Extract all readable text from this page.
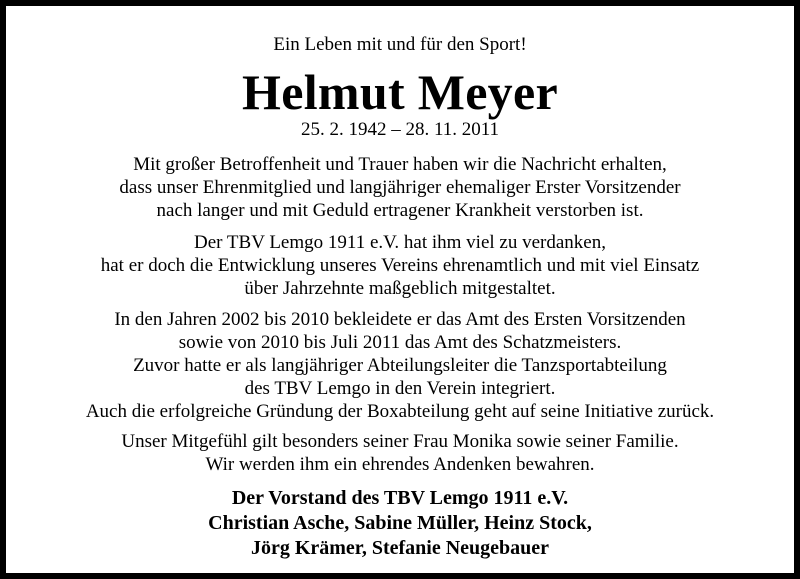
Ein Leben mit und für den Sport!
Helmut Meyer
25. 2. 1942 – 28. 11. 2011
Mit großer Betroffenheit und Trauer haben wir die Nachricht erhalten,
dass unser Ehrenmitglied und langjähriger ehemaliger Erster Vorsitzender
nach langer und mit Geduld ertragener Krankheit verstorben ist.
Der TBV Lemgo 1911 e.V. hat ihm viel zu verdanken,
hat er doch die Entwicklung unseres Vereins ehrenamtlich und mit viel Einsatz
über Jahrzehnte maßgeblich mitgestaltet.
In den Jahren 2002 bis 2010 bekleidete er das Amt des Ersten Vorsitzenden
sowie von 2010 bis Juli 2011 das Amt des Schatzmeisters.
Zuvor hatte er als langjähriger Abteilungsleiter die Tanzsportabteilung
des TBV Lemgo in den Verein integriert.
Auch die erfolgreiche Gründung der Boxabteilung geht auf seine Initiative zurück.
Unser Mitgefühl gilt besonders seiner Frau Monika sowie seiner Familie.
Wir werden ihm ein ehrendes Andenken bewahren.
Der Vorstand des TBV Lemgo 1911 e.V.
Christian Asche, Sabine Müller, Heinz Stock,
Jörg Krämer, Stefanie Neugebauer
